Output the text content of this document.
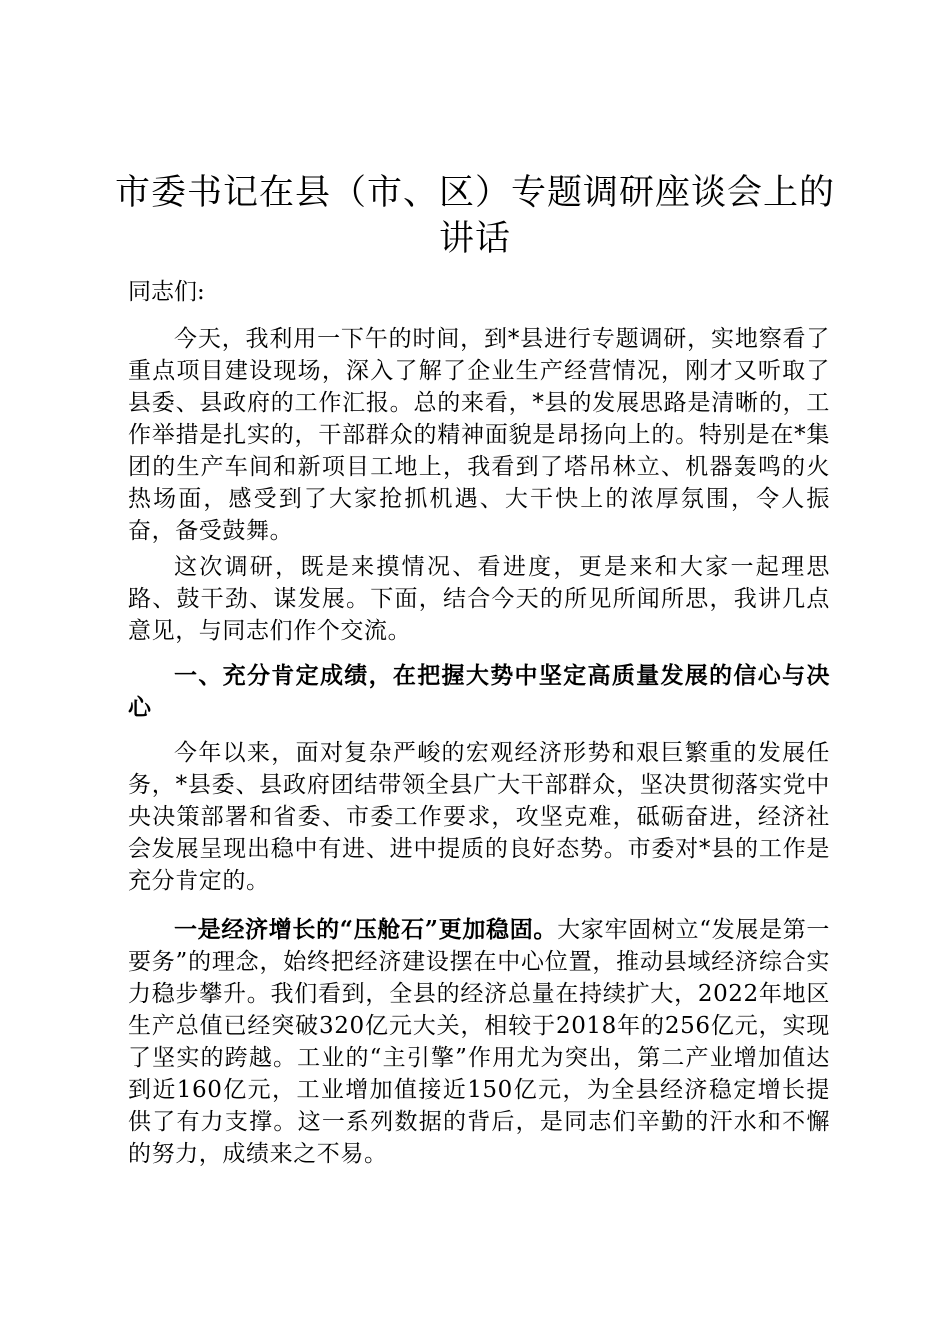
市委书记在县（市、区）专题调研座谈会上的讲话

同志们:

今天，我利用一下午的时间，到*县进行专题调研，实地察看了重点项目建设现场，深入了解了企业生产经营情况，刚才又听取了县委、县政府的工作汇报。总的来看，*县的发展思路是清晰的，工作举措是扎实的，干部群众的精神面貌是昂扬向上的。特别是在*集团的生产车间和新项目工地上，我看到了塔吊林立、机器轰鸣的火热场面，感受到了大家抢抓机遇、大干快上的浓厚氛围，令人振奋，备受鼓舞。

这次调研，既是来摸情况、看进度，更是来和大家一起理思路、鼓干劲、谋发展。下面，结合今天的所见所闻所思，我讲几点意见，与同志们作个交流。

一、充分肯定成绩，在把握大势中坚定高质量发展的信心与决心

今年以来，面对复杂严峻的宏观经济形势和艰巨繁重的发展任务，*县委、县政府团结带领全县广大干部群众，坚决贯彻落实党中央决策部署和省委、市委工作要求，攻坚克难，砥砺奋进，经济社会发展呈现出稳中有进、进中提质的良好态势。市委对*县的工作是充分肯定的。

一是经济增长的“压舱石”更加稳固。大家牢固树立“发展是第一要务”的理念，始终把经济建设摆在中心位置，推动县域经济综合实力稳步攀升。我们看到，全县的经济总量在持续扩大，2022年地区生产总值已经突破320亿元大关，相较于2018年的256亿元，实现了坚实的跨越。工业的“主引擎”作用尤为突出，第二产业增加值达到近160亿元，工业增加值接近150亿元，为全县经济稳定增长提供了有力支撑。这一系列数据的背后，是同志们辛勤的汗水和不懈的努力，成绩来之不易。
